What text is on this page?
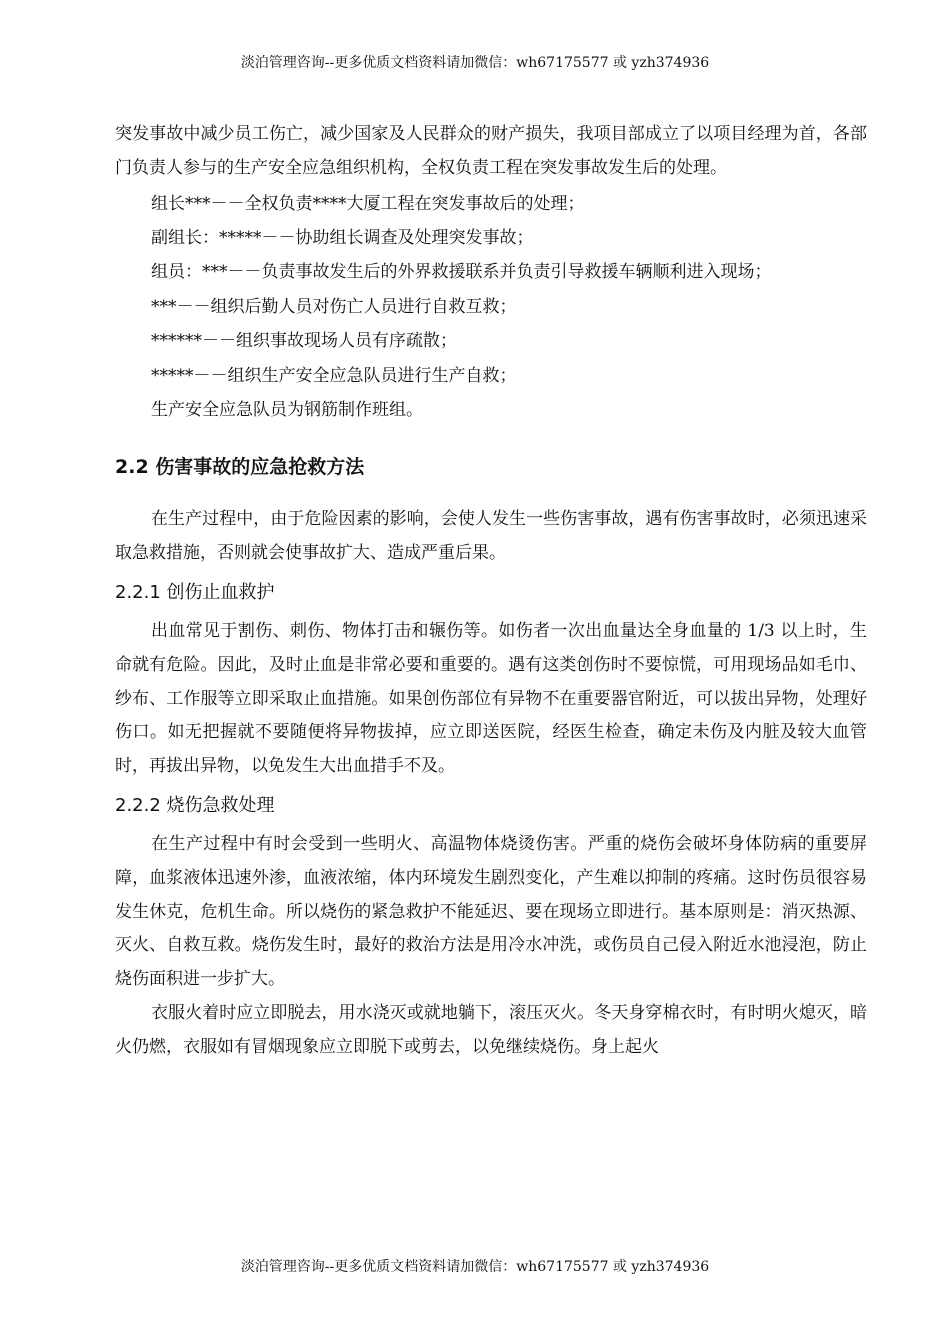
淡泊管理咨询--更多优质文档资料请加微信：wh67175577 或 yzh374936

突发事故中减少员工伤亡，减少国家及人民群众的财产损失，我项目部成立了以项目经理为首，各部门负责人参与的生产安全应急组织机构，全权负责工程在突发事故发生后的处理。

组长***－－全权负责****大厦工程在突发事故后的处理；

副组长：*****－－协助组长调查及处理突发事故；

组员：***－－负责事故发生后的外界救援联系并负责引导救援车辆顺利进入现场；

***－－组织后勤人员对伤亡人员进行自救互救；

******－－组织事故现场人员有序疏散；

*****－－组织生产安全应急队员进行生产自救；

生产安全应急队员为钢筋制作班组。

2.2 伤害事故的应急抢救方法

在生产过程中，由于危险因素的影响，会使人发生一些伤害事故，遇有伤害事故时，必须迅速采取急救措施，否则就会使事故扩大、造成严重后果。

2.2.1 创伤止血救护

出血常见于割伤、刺伤、物体打击和辗伤等。如伤者一次出血量达全身血量的 1/3 以上时，生命就有危险。因此，及时止血是非常必要和重要的。遇有这类创伤时不要惊慌，可用现场品如毛巾、纱布、工作服等立即采取止血措施。如果创伤部位有异物不在重要器官附近，可以拔出异物，处理好伤口。如无把握就不要随便将异物拔掉，应立即送医院，经医生检查，确定未伤及内脏及较大血管时，再拔出异物，以免发生大出血措手不及。

2.2.2 烧伤急救处理

在生产过程中有时会受到一些明火、高温物体烧烫伤害。严重的烧伤会破坏身体防病的重要屏障，血浆液体迅速外渗，血液浓缩，体内环境发生剧烈变化，产生难以抑制的疼痛。这时伤员很容易发生休克，危机生命。所以烧伤的紧急救护不能延迟、要在现场立即进行。基本原则是：消灭热源、灭火、自救互救。烧伤发生时，最好的救治方法是用冷水冲洗，或伤员自己侵入附近水池浸泡，防止烧伤面积进一步扩大。

衣服火着时应立即脱去，用水浇灭或就地躺下，滚压灭火。冬天身穿棉衣时，有时明火熄灭，暗火仍燃，衣服如有冒烟现象应立即脱下或剪去，以免继续烧伤。身上起火

淡泊管理咨询--更多优质文档资料请加微信：wh67175577 或 yzh374936
